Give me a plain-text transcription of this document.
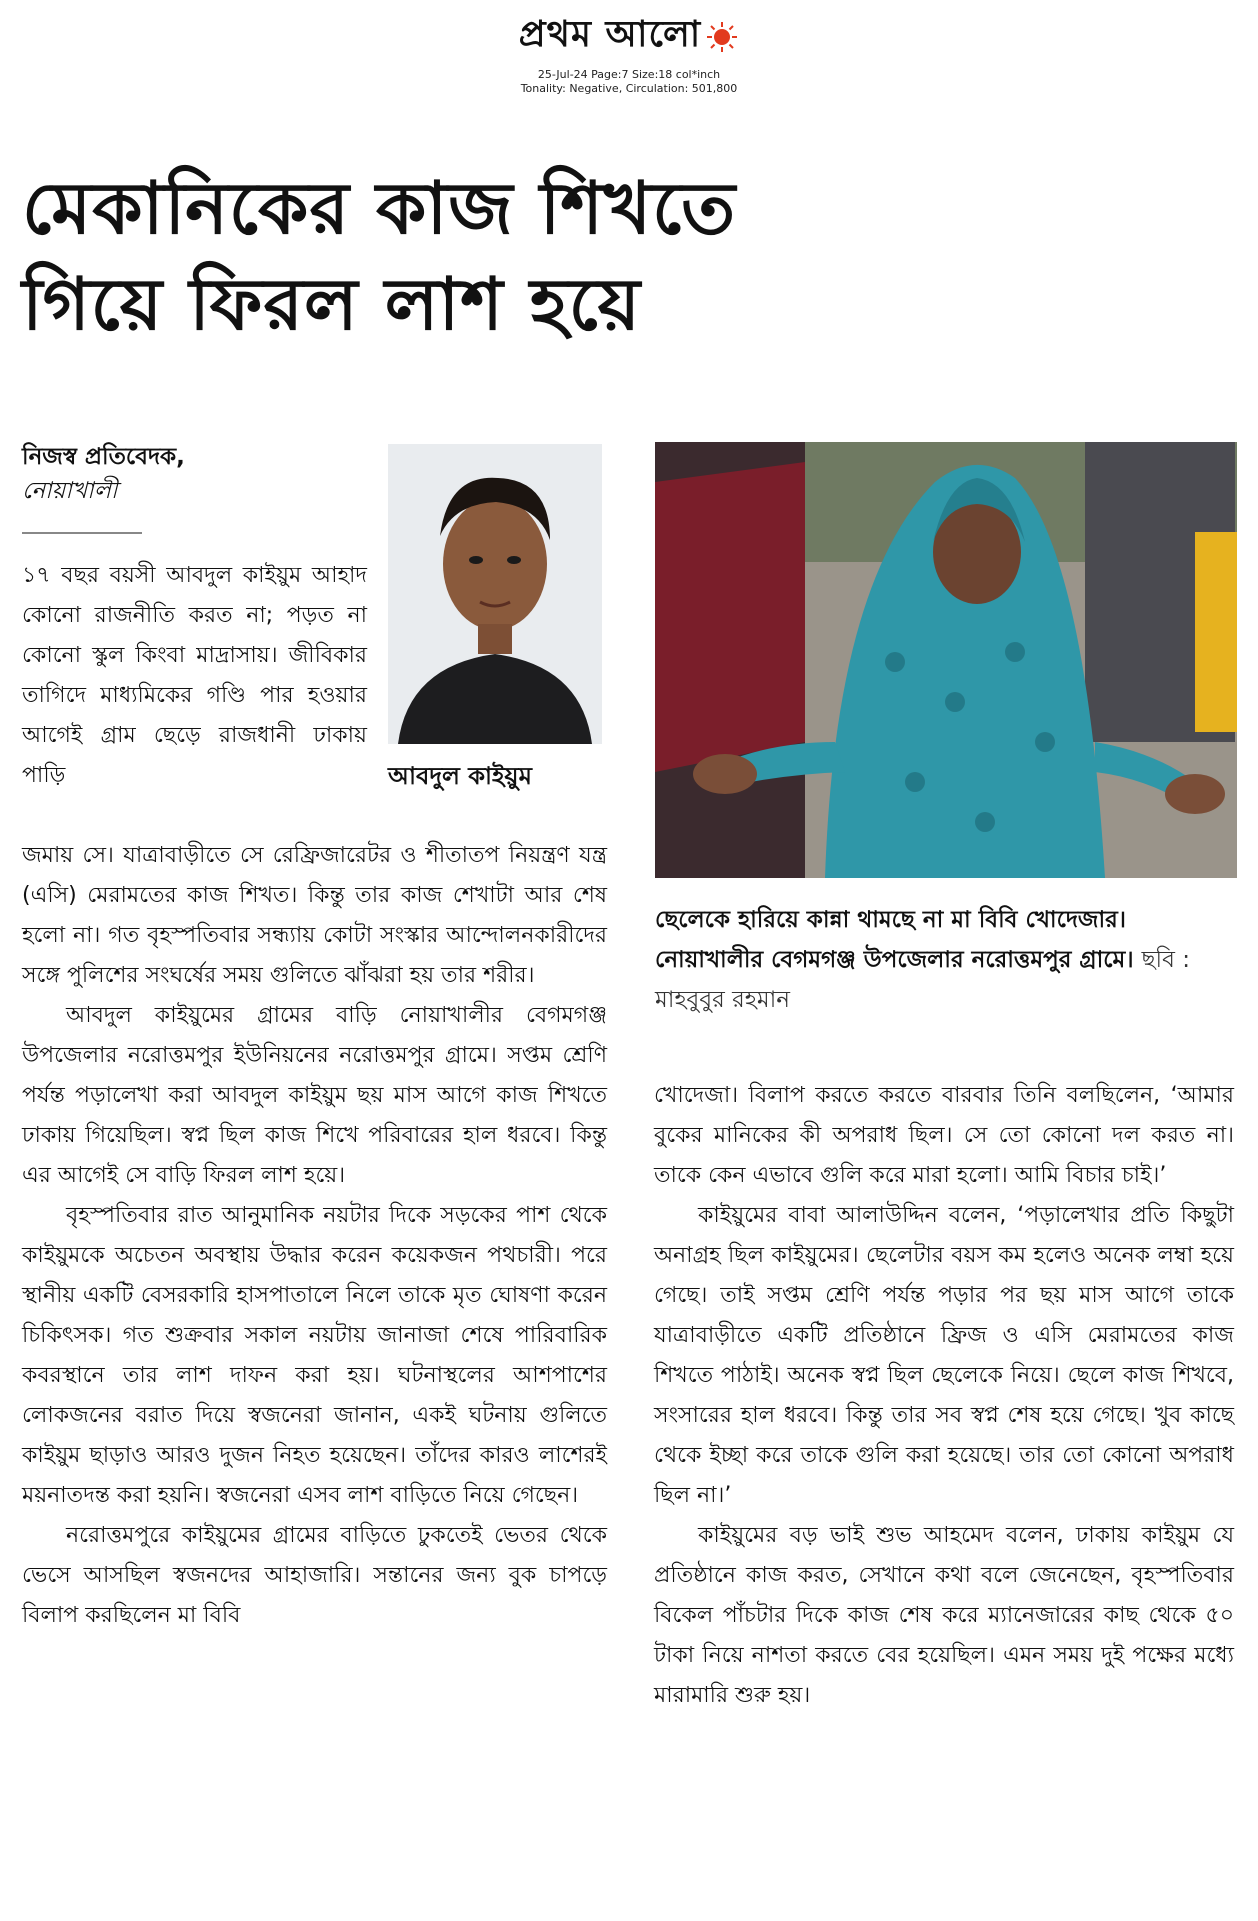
প্রথম আলো
25-Jul-24 Page:7 Size:18 col*inch
Tonality: Negative, Circulation: 501,800
মেকানিকের কাজ শিখতে
গিয়ে ফিরল লাশ হয়ে
নিজস্ব প্রতিবেদক,
নোয়াখালী

১৭ বছর বয়সী আবদুল কাইয়ুম আহাদ কোনো রাজনীতি করত না; পড়ত না কোনো স্কুল কিংবা মাদ্রাসায়। জীবিকার তাগিদে মাধ্যমিকের গণ্ডি পার হওয়ার আগেই গ্রাম ছেড়ে রাজধানী ঢাকায় পাড়ি

জমায় সে। যাত্রাবাড়ীতে সে রেফ্রিজারেটর ও শীতাতপ নিয়ন্ত্রণ যন্ত্র (এসি) মেরামতের কাজ শিখত। কিন্তু তার কাজ শেখাটা আর শেষ হলো না। গত বৃহস্পতিবার সন্ধ্যায় কোটা সংস্কার আন্দোলনকারীদের সঙ্গে পুলিশের সংঘর্ষের সময় গুলিতে ঝাঁঝরা হয় তার শরীর।

আবদুল কাইয়ুমের গ্রামের বাড়ি নোয়াখালীর বেগমগঞ্জ উপজেলার নরোত্তমপুর ইউনিয়নের নরোত্তমপুর গ্রামে। সপ্তম শ্রেণি পর্যন্ত পড়ালেখা করা আবদুল কাইয়ুম ছয় মাস আগে কাজ শিখতে ঢাকায় গিয়েছিল। স্বপ্ন ছিল কাজ শিখে পরিবারের হাল ধরবে। কিন্তু এর আগেই সে বাড়ি ফিরল লাশ হয়ে।

বৃহস্পতিবার রাত আনুমানিক নয়টার দিকে সড়কের পাশ থেকে কাইয়ুমকে অচেতন অবস্থায় উদ্ধার করেন কয়েকজন পথচারী। পরে স্থানীয় একটি বেসরকারি হাসপাতালে নিলে তাকে মৃত ঘোষণা করেন চিকিৎসক। গত শুক্রবার সকাল নয়টায় জানাজা শেষে পারিবারিক কবরস্থানে তার লাশ দাফন করা হয়। ঘটনাস্থলের আশপাশের লোকজনের বরাত দিয়ে স্বজনেরা জানান, একই ঘটনায় গুলিতে কাইয়ুম ছাড়াও আরও দুজন নিহত হয়েছেন। তাঁদের কারও লাশেরই ময়নাতদন্ত করা হয়নি। স্বজনেরা এসব লাশ বাড়িতে নিয়ে গেছেন।

নরোত্তমপুরে কাইয়ুমের গ্রামের বাড়িতে ঢুকতেই ভেতর থেকে ভেসে আসছিল স্বজনদের আহাজারি। সন্তানের জন্য বুক চাপড়ে বিলাপ করছিলেন মা বিবি

আবদুল কাইয়ুম
ছেলেকে হারিয়ে কান্না থামছে না মা বিবি খোদেজার। নোয়াখালীর বেগমগঞ্জ উপজেলার নরোত্তমপুর গ্রামে। ছবি : মাহবুবুর রহমান

খোদেজা। বিলাপ করতে করতে বারবার তিনি বলছিলেন, ‘আমার বুকের মানিকের কী অপরাধ ছিল। সে তো কোনো দল করত না। তাকে কেন এভাবে গুলি করে মারা হলো। আমি বিচার চাই।’

কাইয়ুমের বাবা আলাউদ্দিন বলেন, ‘পড়ালেখার প্রতি কিছুটা অনাগ্রহ ছিল কাইয়ুমের। ছেলেটার বয়স কম হলেও অনেক লম্বা হয়ে গেছে। তাই সপ্তম শ্রেণি পর্যন্ত পড়ার পর ছয় মাস আগে তাকে যাত্রাবাড়ীতে একটি প্রতিষ্ঠানে ফ্রিজ ও এসি মেরামতের কাজ শিখতে পাঠাই। অনেক স্বপ্ন ছিল ছেলেকে নিয়ে। ছেলে কাজ শিখবে, সংসারের হাল ধরবে। কিন্তু তার সব স্বপ্ন শেষ হয়ে গেছে। খুব কাছে থেকে ইচ্ছা করে তাকে গুলি করা হয়েছে। তার তো কোনো অপরাধ ছিল না।’

কাইয়ুমের বড় ভাই শুভ আহমেদ বলেন, ঢাকায় কাইয়ুম যে প্রতিষ্ঠানে কাজ করত, সেখানে কথা বলে জেনেছেন, বৃহস্পতিবার বিকেল পাঁচটার দিকে কাজ শেষ করে ম্যানেজারের কাছ থেকে ৫০ টাকা নিয়ে নাশতা করতে বের হয়েছিল। এমন সময় দুই পক্ষের মধ্যে মারামারি শুরু হয়।
